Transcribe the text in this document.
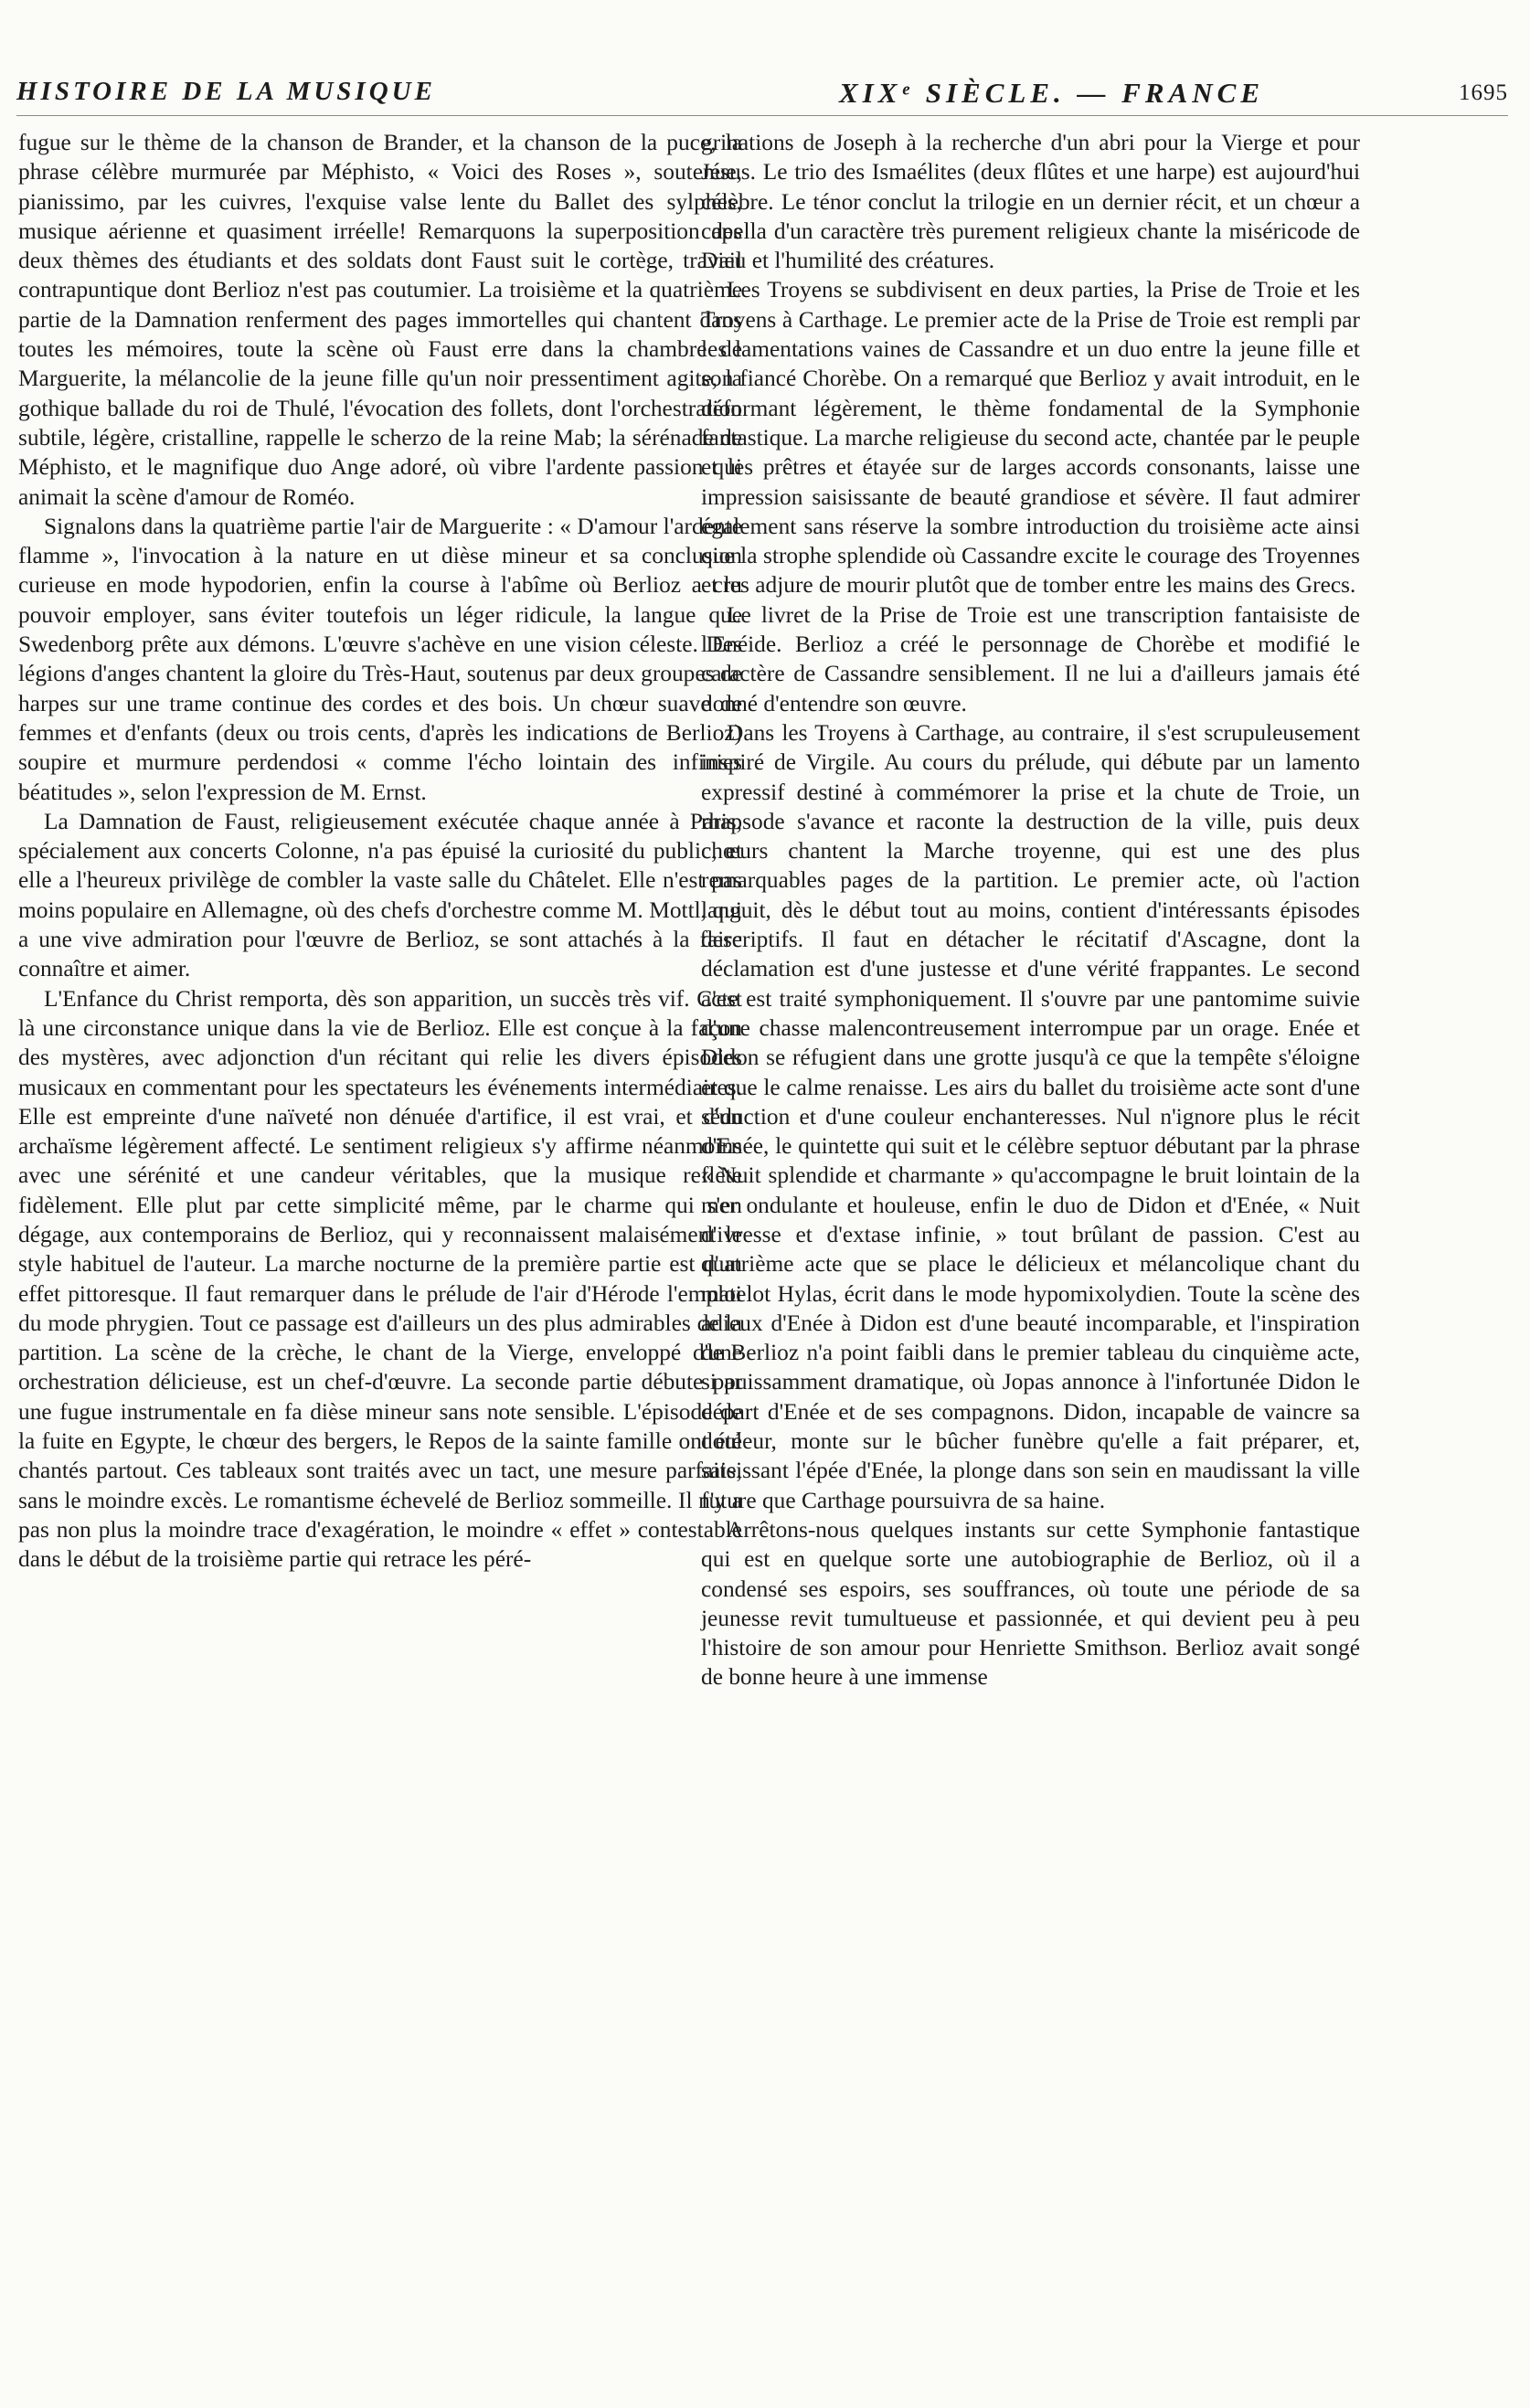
HISTOIRE DE LA MUSIQUE	XIXᵉ SIÈCLE. — FRANCE	1695

fugue sur le thème de la chanson de Brander, et la chanson de la puce, la phrase célèbre murmurée par Méphisto, « Voici des Roses », soutenue, pianissimo, par les cuivres, l'exquise valse lente du Ballet des sylphes, musique aérienne et quasiment irréelle! Remarquons la superposition des deux thèmes des étudiants et des soldats dont Faust suit le cortège, travail contrapuntique dont Berlioz n'est pas coutumier. La troisième et la quatrième partie de la Damnation renferment des pages immortelles qui chantent dans toutes les mémoires, toute la scène où Faust erre dans la chambre de Marguerite, la mélancolie de la jeune fille qu'un noir pressentiment agite, la gothique ballade du roi de Thulé, l'évocation des follets, dont l'orchestration subtile, légère, cristalline, rappelle le scherzo de la reine Mab; la sérénade de Méphisto, et le magnifique duo Ange adoré, où vibre l'ardente passion qui animait la scène d'amour de Roméo.

Signalons dans la quatrième partie l'air de Marguerite : « D'amour l'ardente flamme », l'invocation à la nature en ut dièse mineur et sa conclusion curieuse en mode hypodorien, enfin la course à l'abîme où Berlioz a cru pouvoir employer, sans éviter toutefois un léger ridicule, la langue que Swedenborg prête aux démons. L'œuvre s'achève en une vision céleste. Des légions d'anges chantent la gloire du Très-Haut, soutenus par deux groupes de harpes sur une trame continue des cordes et des bois. Un chœur suave de femmes et d'enfants (deux ou trois cents, d'après les indications de Berlioz) soupire et murmure perdendosi « comme l'écho lointain des infinies béatitudes », selon l'expression de M. Ernst.

La Damnation de Faust, religieusement exécutée chaque année à Paris, spécialement aux concerts Colonne, n'a pas épuisé la curiosité du public, et elle a l'heureux privilège de combler la vaste salle du Châtelet. Elle n'est pas moins populaire en Allemagne, où des chefs d'orchestre comme M. Mottl, qui a une vive admiration pour l'œuvre de Berlioz, se sont attachés à la faire connaître et aimer.

L'Enfance du Christ remporta, dès son apparition, un succès très vif. C'est là une circonstance unique dans la vie de Berlioz. Elle est conçue à la façon des mystères, avec adjonction d'un récitant qui relie les divers épisodes musicaux en commentant pour les spectateurs les événements intermédiaires. Elle est empreinte d'une naïveté non dénuée d'artifice, il est vrai, et d'un archaïsme légèrement affecté. Le sentiment religieux s'y affirme néanmoins avec une sérénité et une candeur véritables, que la musique reflète fidèlement. Elle plut par cette simplicité même, par le charme qui s'en dégage, aux contemporains de Berlioz, qui y reconnaissent malaisément le style habituel de l'auteur. La marche nocturne de la première partie est d'un effet pittoresque. Il faut remarquer dans le prélude de l'air d'Hérode l'emploi du mode phrygien. Tout ce passage est d'ailleurs un des plus admirables de la partition. La scène de la crèche, le chant de la Vierge, enveloppé d'une orchestration délicieuse, est un chef-d'œuvre. La seconde partie débute par une fugue instrumentale en fa dièse mineur sans note sensible. L'épisode de la fuite en Egypte, le chœur des bergers, le Repos de la sainte famille ont été chantés partout. Ces tableaux sont traités avec un tact, une mesure parfaite, sans le moindre excès. Le romantisme échevelé de Berlioz sommeille. Il n'y a pas non plus la moindre trace d'exagération, le moindre « effet » contestable dans le début de la troisième partie qui retrace les péré-

grinations de Joseph à la recherche d'un abri pour la Vierge et pour Jésus. Le trio des Ismaélites (deux flûtes et une harpe) est aujourd'hui célèbre. Le ténor conclut la trilogie en un dernier récit, et un chœur a capella d'un caractère très purement religieux chante la miséricode de Dieu et l'humilité des créatures.

Les Troyens se subdivisent en deux parties, la Prise de Troie et les Troyens à Carthage. Le premier acte de la Prise de Troie est rempli par les lamentations vaines de Cassandre et un duo entre la jeune fille et son fiancé Chorèbe. On a remarqué que Berlioz y avait introduit, en le déformant légèrement, le thème fondamental de la Symphonie fantastique. La marche religieuse du second acte, chantée par le peuple et les prêtres et étayée sur de larges accords consonants, laisse une impression saisissante de beauté grandiose et sévère. Il faut admirer également sans réserve la sombre introduction du troisième acte ainsi que la strophe splendide où Cassandre excite le courage des Troyennes et les adjure de mourir plutôt que de tomber entre les mains des Grecs.

Le livret de la Prise de Troie est une transcription fantaisiste de l'Enéide. Berlioz a créé le personnage de Chorèbe et modifié le caractère de Cassandre sensiblement. Il ne lui a d'ailleurs jamais été donné d'entendre son œuvre.

Dans les Troyens à Carthage, au contraire, il s'est scrupuleusement inspiré de Virgile. Au cours du prélude, qui débute par un lamento expressif destiné à commémorer la prise et la chute de Troie, un rhapsode s'avance et raconte la destruction de la ville, puis deux chœurs chantent la Marche troyenne, qui est une des plus remarquables pages de la partition. Le premier acte, où l'action languit, dès le début tout au moins, contient d'intéressants épisodes descriptifs. Il faut en détacher le récitatif d'Ascagne, dont la déclamation est d'une justesse et d'une vérité frappantes. Le second acte est traité symphoniquement. Il s'ouvre par une pantomime suivie d'une chasse malencontreusement interrompue par un orage. Enée et Didon se réfugient dans une grotte jusqu'à ce que la tempête s'éloigne et que le calme renaisse. Les airs du ballet du troisième acte sont d'une séduction et d'une couleur enchanteresses. Nul n'ignore plus le récit d'Enée, le quintette qui suit et le célèbre septuor débutant par la phrase « Nuit splendide et charmante » qu'accompagne le bruit lointain de la mer ondulante et houleuse, enfin le duo de Didon et d'Enée, « Nuit d'ivresse et d'extase infinie, » tout brûlant de passion. C'est au quatrième acte que se place le délicieux et mélancolique chant du matelot Hylas, écrit dans le mode hypomixolydien. Toute la scène des adieux d'Enée à Didon est d'une beauté incomparable, et l'inspiration de Berlioz n'a point faibli dans le premier tableau du cinquième acte, si puissamment dramatique, où Jopas annonce à l'infortunée Didon le départ d'Enée et de ses compagnons. Didon, incapable de vaincre sa douleur, monte sur le bûcher funèbre qu'elle a fait préparer, et, saisissant l'épée d'Enée, la plonge dans son sein en maudissant la ville future que Carthage poursuivra de sa haine.

Arrêtons-nous quelques instants sur cette Symphonie fantastique qui est en quelque sorte une autobiographie de Berlioz, où il a condensé ses espoirs, ses souffrances, où toute une période de sa jeunesse revit tumultueuse et passionnée, et qui devient peu à peu l'histoire de son amour pour Henriette Smithson. Berlioz avait songé de bonne heure à une immense
